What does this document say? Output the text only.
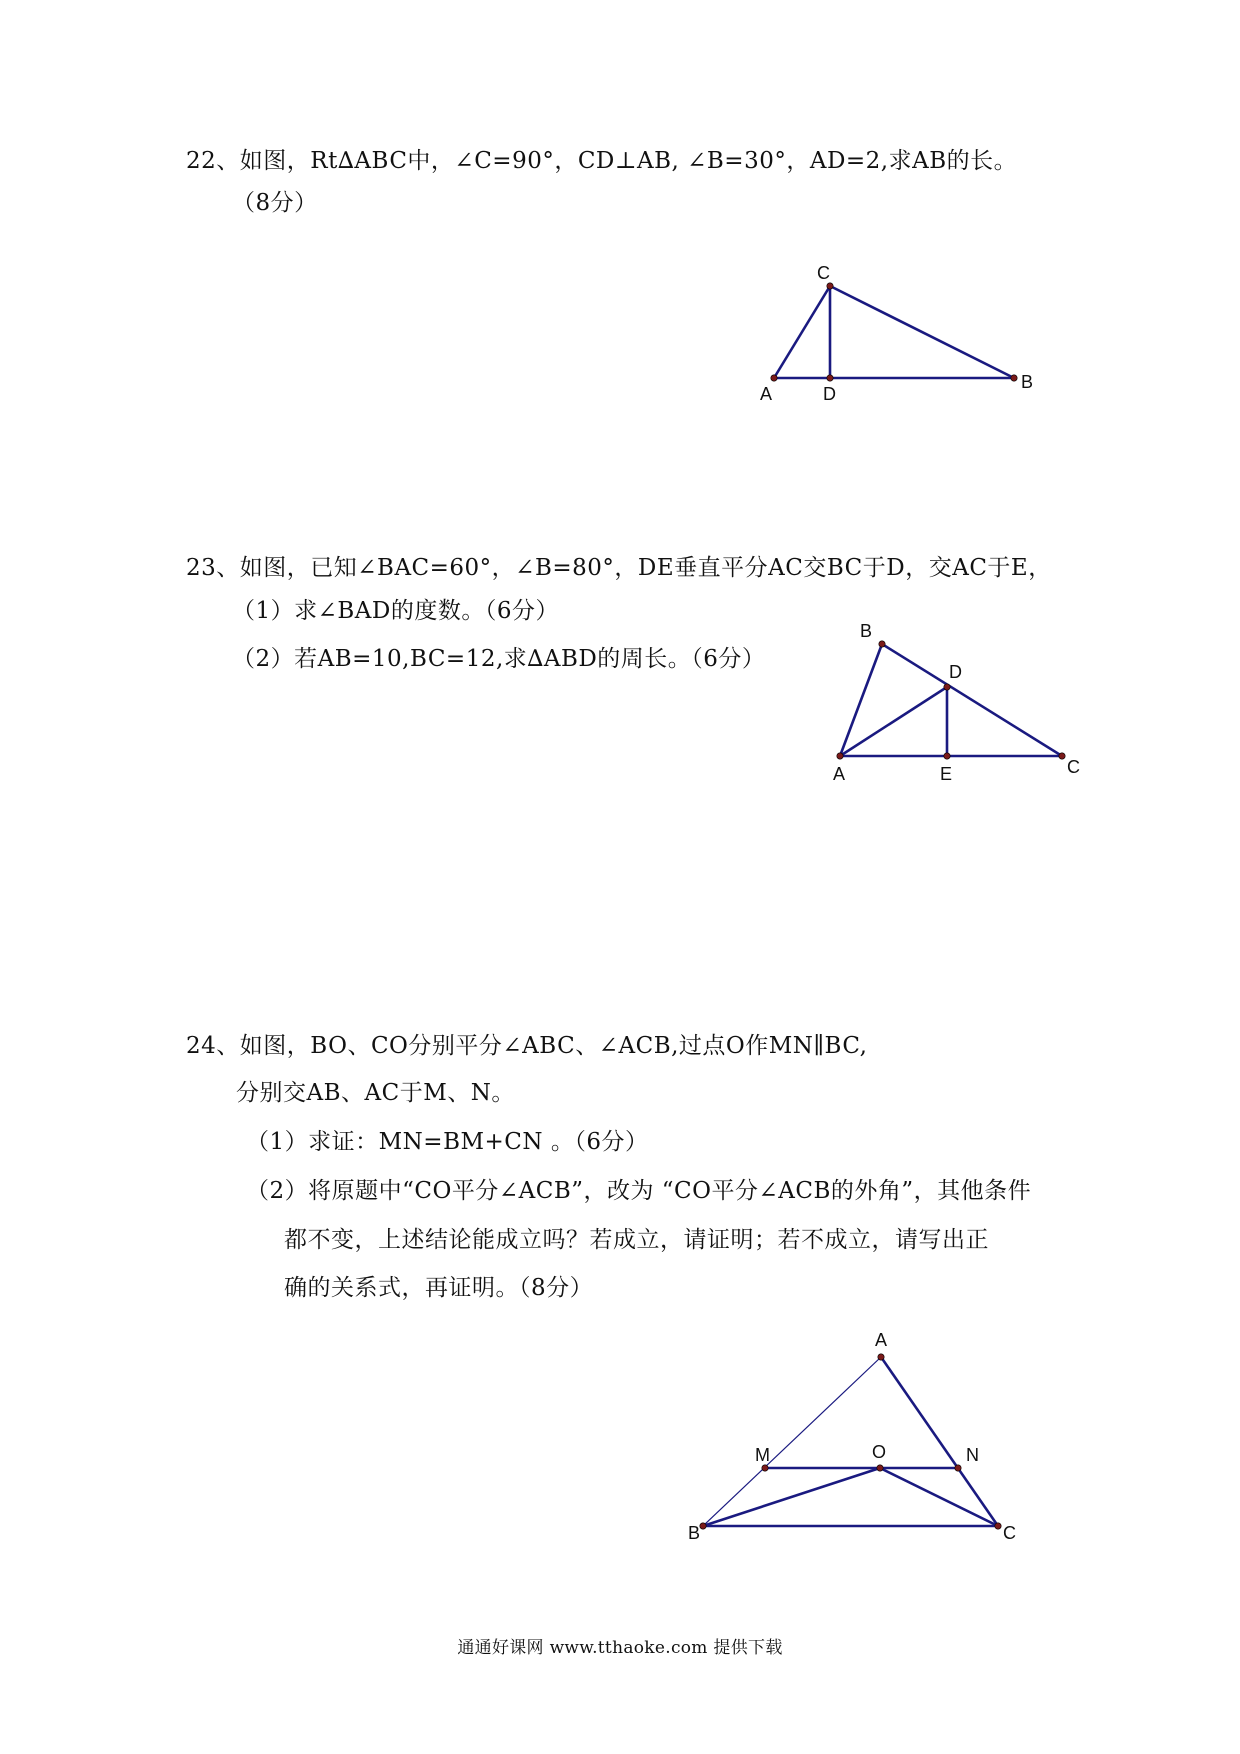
22、如图，Rt∆ABC中，∠C=90°，CD⊥AB, ∠B=30°，AD=2,求AB的长。
（8分）
C
A	D
B
23、如图，已知∠BAC=60°，∠B=80°，DE垂直平分AC交BC于D，交AC于E，
（1）求∠BAD的度数。（6分）
（2）若AB=10,BC=12,求∆ABD的周长。（6分）
B
D
A	E	C
24、如图，BO、CO分别平分∠ABC、∠ACB,过点O作MN∥BC,
分别交AB、AC于M、N。
（1）求证：MN=BM+CN 。（6分）
（2）将原题中“CO平分∠ACB”，改为 “CO平分∠ACB的外角”，其他条件
都不变，上述结论能成立吗？若成立，请证明；若不成立，请写出正
确的关系式，再证明。（8分）
A
M	O	N
B	C
通通好课网 www.tthaoke.com 提供下载
